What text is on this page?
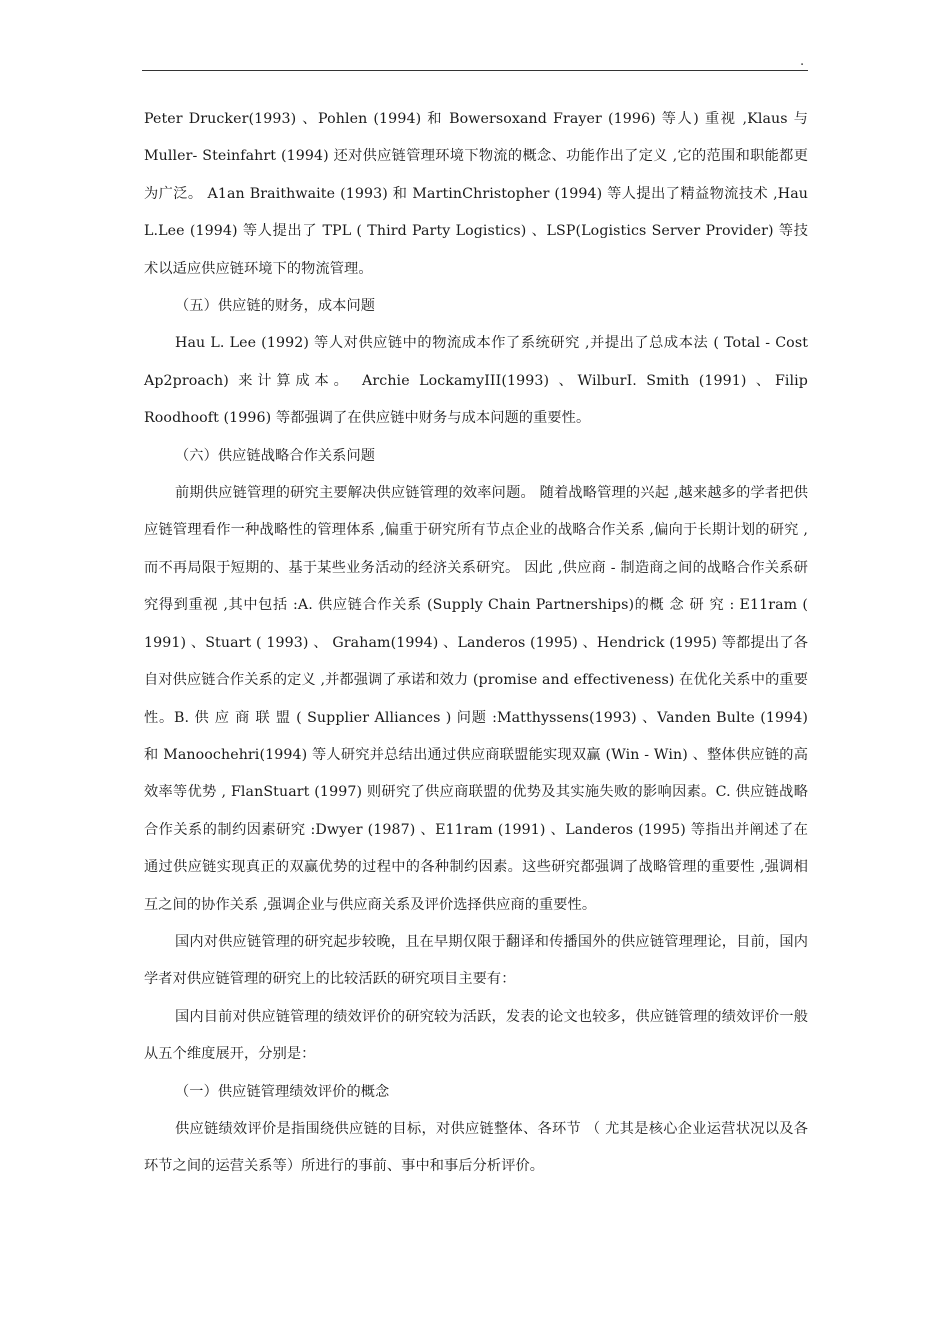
.

Peter Drucker(1993) 、Pohlen (1994) 和 Bowersoxand Frayer (1996) 等人) 重视 ,Klaus 与 Muller- Steinfahrt (1994) 还对供应链管理环境下物流的概念、功能作出了定义 ,它的范围和职能都更为广泛。 A1an Braithwaite (1993) 和 MartinChristopher (1994) 等人提出了精益物流技术 ,Hau L.Lee (1994) 等人提出了 TPL ( Third Party Logistics) 、LSP(Logistics Server Provider) 等技术以适应供应链环境下的物流管理。

（五）供应链的财务，成本问题

Hau L. Lee (1992) 等人对供应链中的物流成本作了系统研究 ,并提出了总成本法 ( Total - Cost Ap2proach) 来计算成本。 Archie LockamyIII(1993) 、WilburI. Smith (1991) 、Filip Roodhooft (1996) 等都强调了在供应链中财务与成本问题的重要性。

（六）供应链战略合作关系问题

前期供应链管理的研究主要解决供应链管理的效率问题。 随着战略管理的兴起 ,越来越多的学者把供应链管理看作一种战略性的管理体系 ,偏重于研究所有节点企业的战略合作关系 ,偏向于长期计划的研究 ,而不再局限于短期的、基于某些业务活动的经济关系研究。 因此 ,供应商 - 制造商之间的战略合作关系研究得到重视 ,其中包括 :A. 供应链合作关系 (Supply Chain Partnerships)的概 念 研 究 : E11ram ( 1991) 、Stuart ( 1993) 、 Graham(1994) 、Landeros (1995) 、Hendrick (1995) 等都提出了各自对供应链合作关系的定义 ,并都强调了承诺和效力 (promise and effectiveness) 在优化关系中的重要性。B. 供 应 商 联 盟 ( Supplier Alliances ) 问题 :Matthyssens(1993) 、Vanden Bulte (1994) 和 Manoochehri(1994) 等人研究并总结出通过供应商联盟能实现双赢 (Win - Win) 、整体供应链的高效率等优势 , FlanStuart (1997) 则研究了供应商联盟的优势及其实施失败的影响因素。C. 供应链战略合作关系的制约因素研究 :Dwyer (1987) 、E11ram (1991) 、Landeros (1995) 等指出并阐述了在通过供应链实现真正的双赢优势的过程中的各种制约因素。这些研究都强调了战略管理的重要性 ,强调相互之间的协作关系 ,强调企业与供应商关系及评价选择供应商的重要性。

国内对供应链管理的研究起步较晚，且在早期仅限于翻译和传播国外的供应链管理理论，目前，国内学者对供应链管理的研究上的比较活跃的研究项目主要有：

国内目前对供应链管理的绩效评价的研究较为活跃，发表的论文也较多，供应链管理的绩效评价一般从五个维度展开，分别是：

（一）供应链管理绩效评价的概念

供应链绩效评价是指围绕供应链的目标，对供应链整体、各环节 （ 尤其是核心企业运营状况以及各环节之间的运营关系等）所进行的事前、事中和事后分析评价。
